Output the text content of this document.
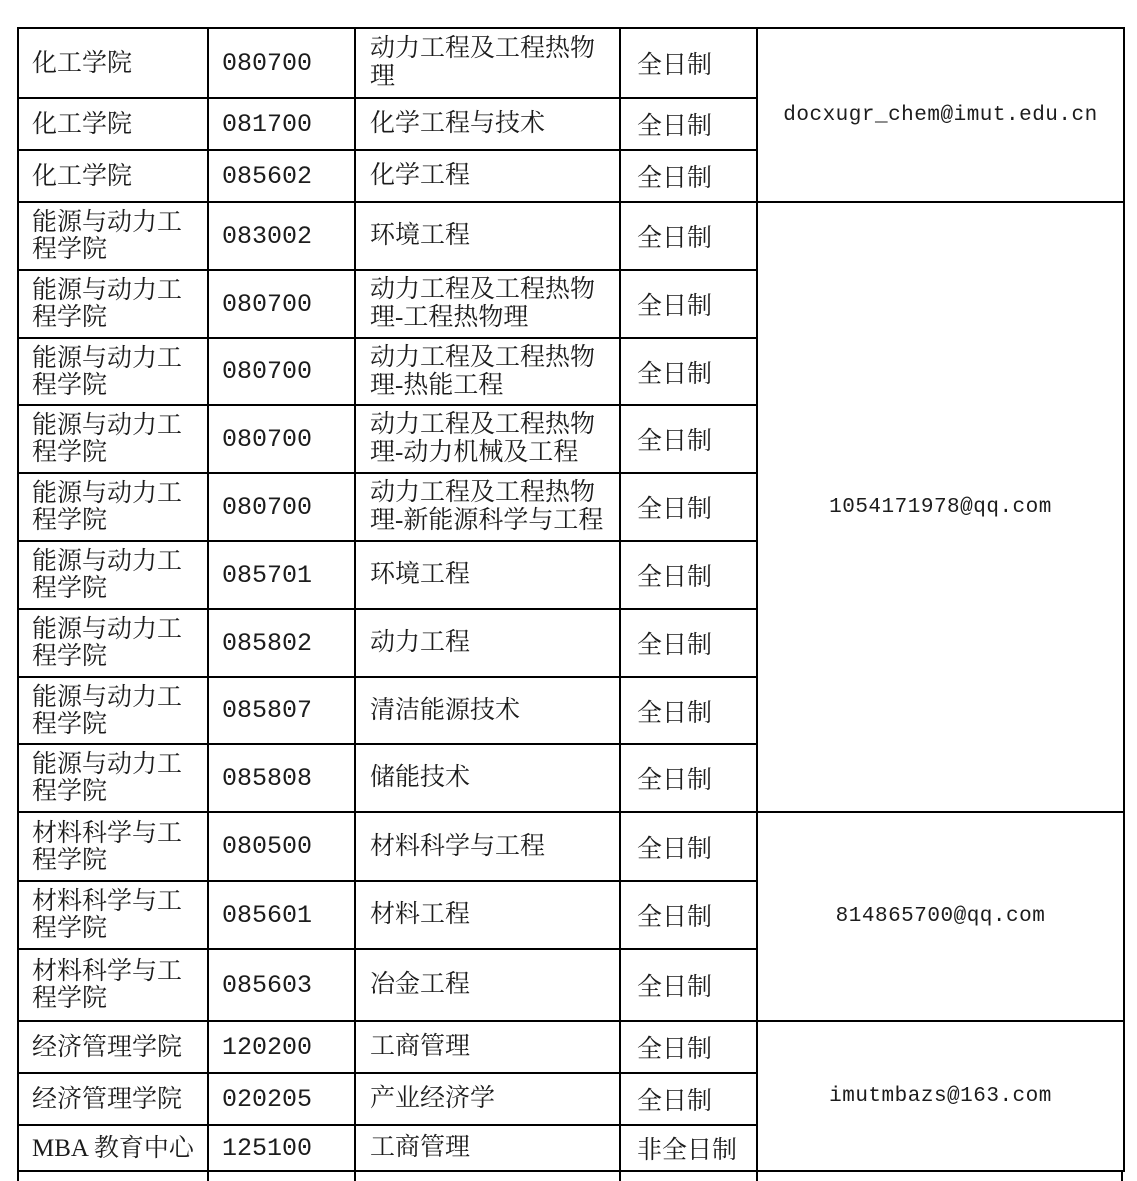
化工学院	080700	动力工程及工程热物理	全日制	docxugr_chem@imut.edu.cn
化工学院	081700	化学工程与技术	全日制	
化工学院	085602	化学工程	全日制	
能源与动力工程学院	083002	环境工程	全日制	1054171978@qq.com
能源与动力工程学院	080700	动力工程及工程热物理-工程热物理	全日制	
能源与动力工程学院	080700	动力工程及工程热物理-热能工程	全日制	
能源与动力工程学院	080700	动力工程及工程热物理-动力机械及工程	全日制	
能源与动力工程学院	080700	动力工程及工程热物理-新能源科学与工程	全日制	
能源与动力工程学院	085701	环境工程	全日制	
能源与动力工程学院	085802	动力工程	全日制	
能源与动力工程学院	085807	清洁能源技术	全日制	
能源与动力工程学院	085808	储能技术	全日制	
材料科学与工程学院	080500	材料科学与工程	全日制	814865700@qq.com
材料科学与工程学院	085601	材料工程	全日制	
材料科学与工程学院	085603	冶金工程	全日制	
经济管理学院	120200	工商管理	全日制	imutmbazs@163.com
经济管理学院	020205	产业经济学	全日制	
MBA 教育中心	125100	工商管理	非全日制	
